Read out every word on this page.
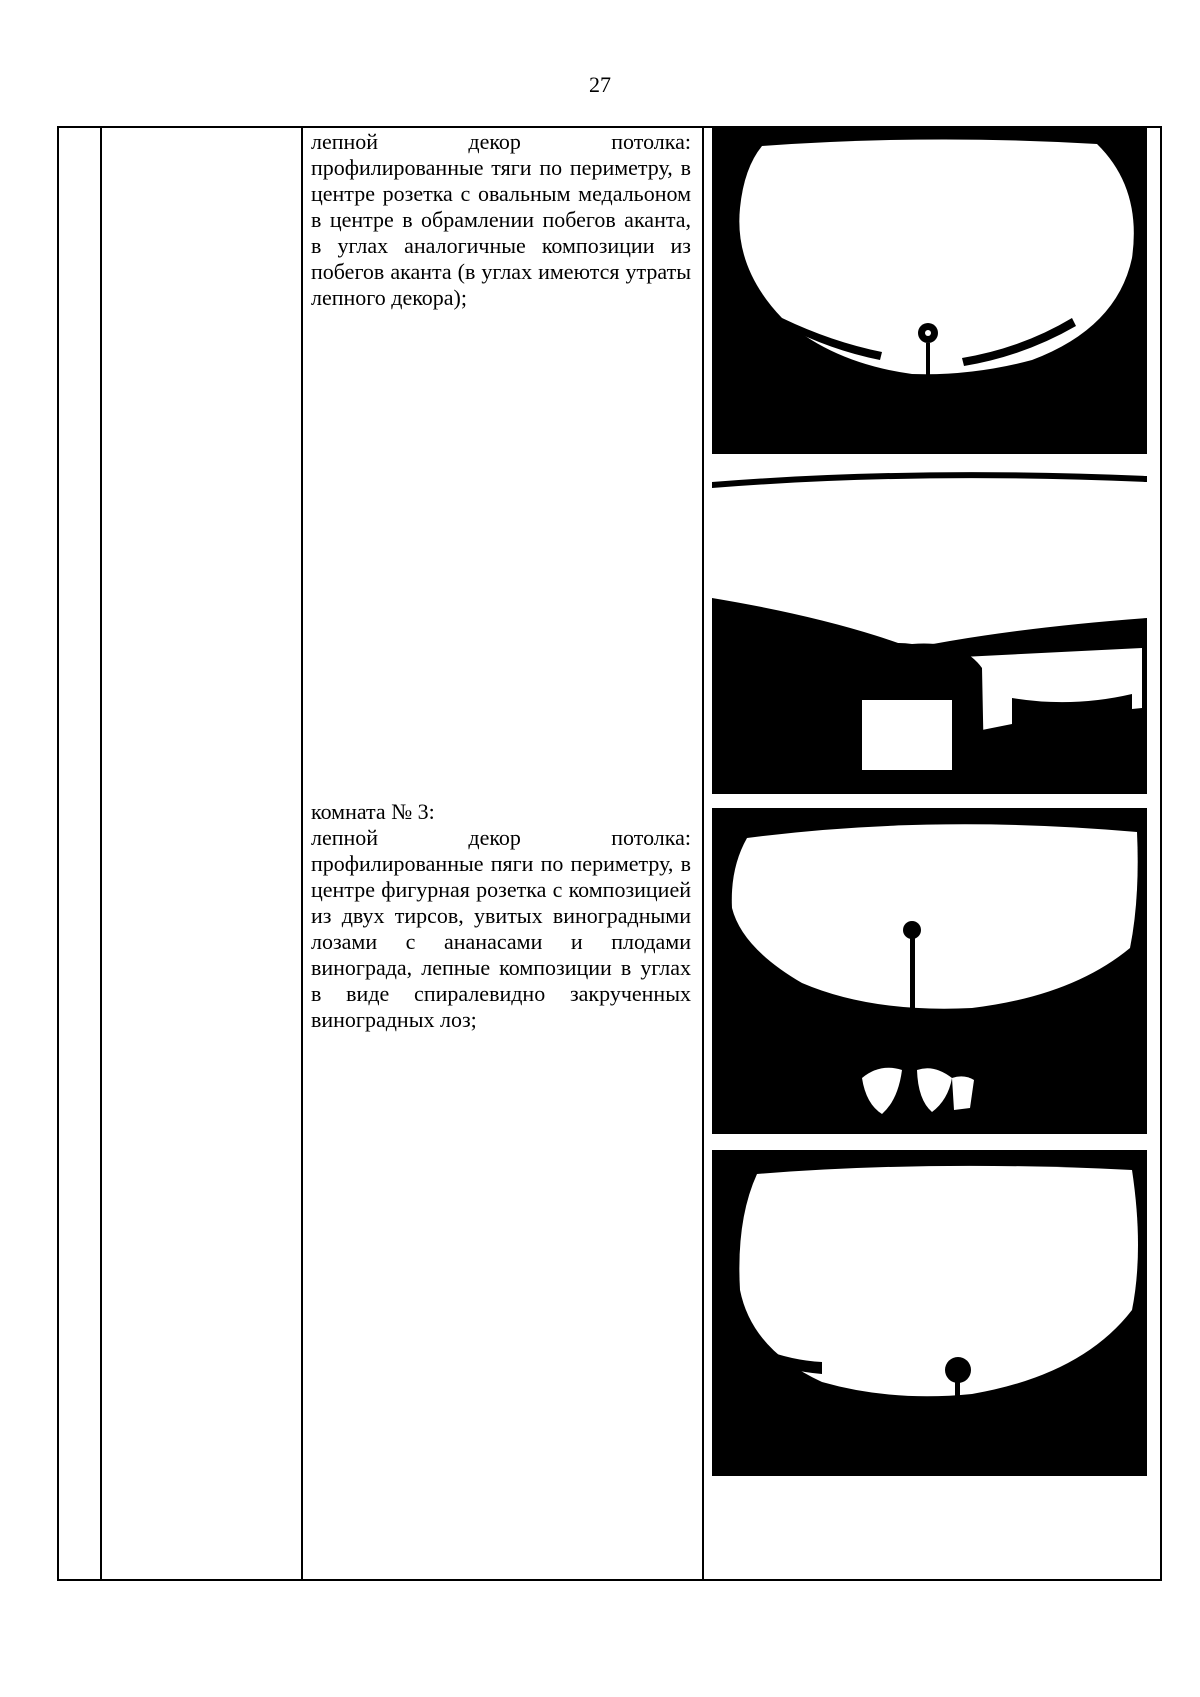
27

лепной декор потолка: профилированные тяги по периметру, в центре розетка с овальным медальоном в центре в обрамлении побегов аканта, в углах аналогичные композиции из побегов аканта (в углах имеются утраты лепного декора);

комната № 3:

лепной декор потолка: профилированные пяги по периметру, в центре фигурная розетка с композицией из двух тирсов, увитых виноградными лозами с ананасами и плодами винограда, лепные композиции в углах в виде спиралевидно закрученных виноградных лоз;
